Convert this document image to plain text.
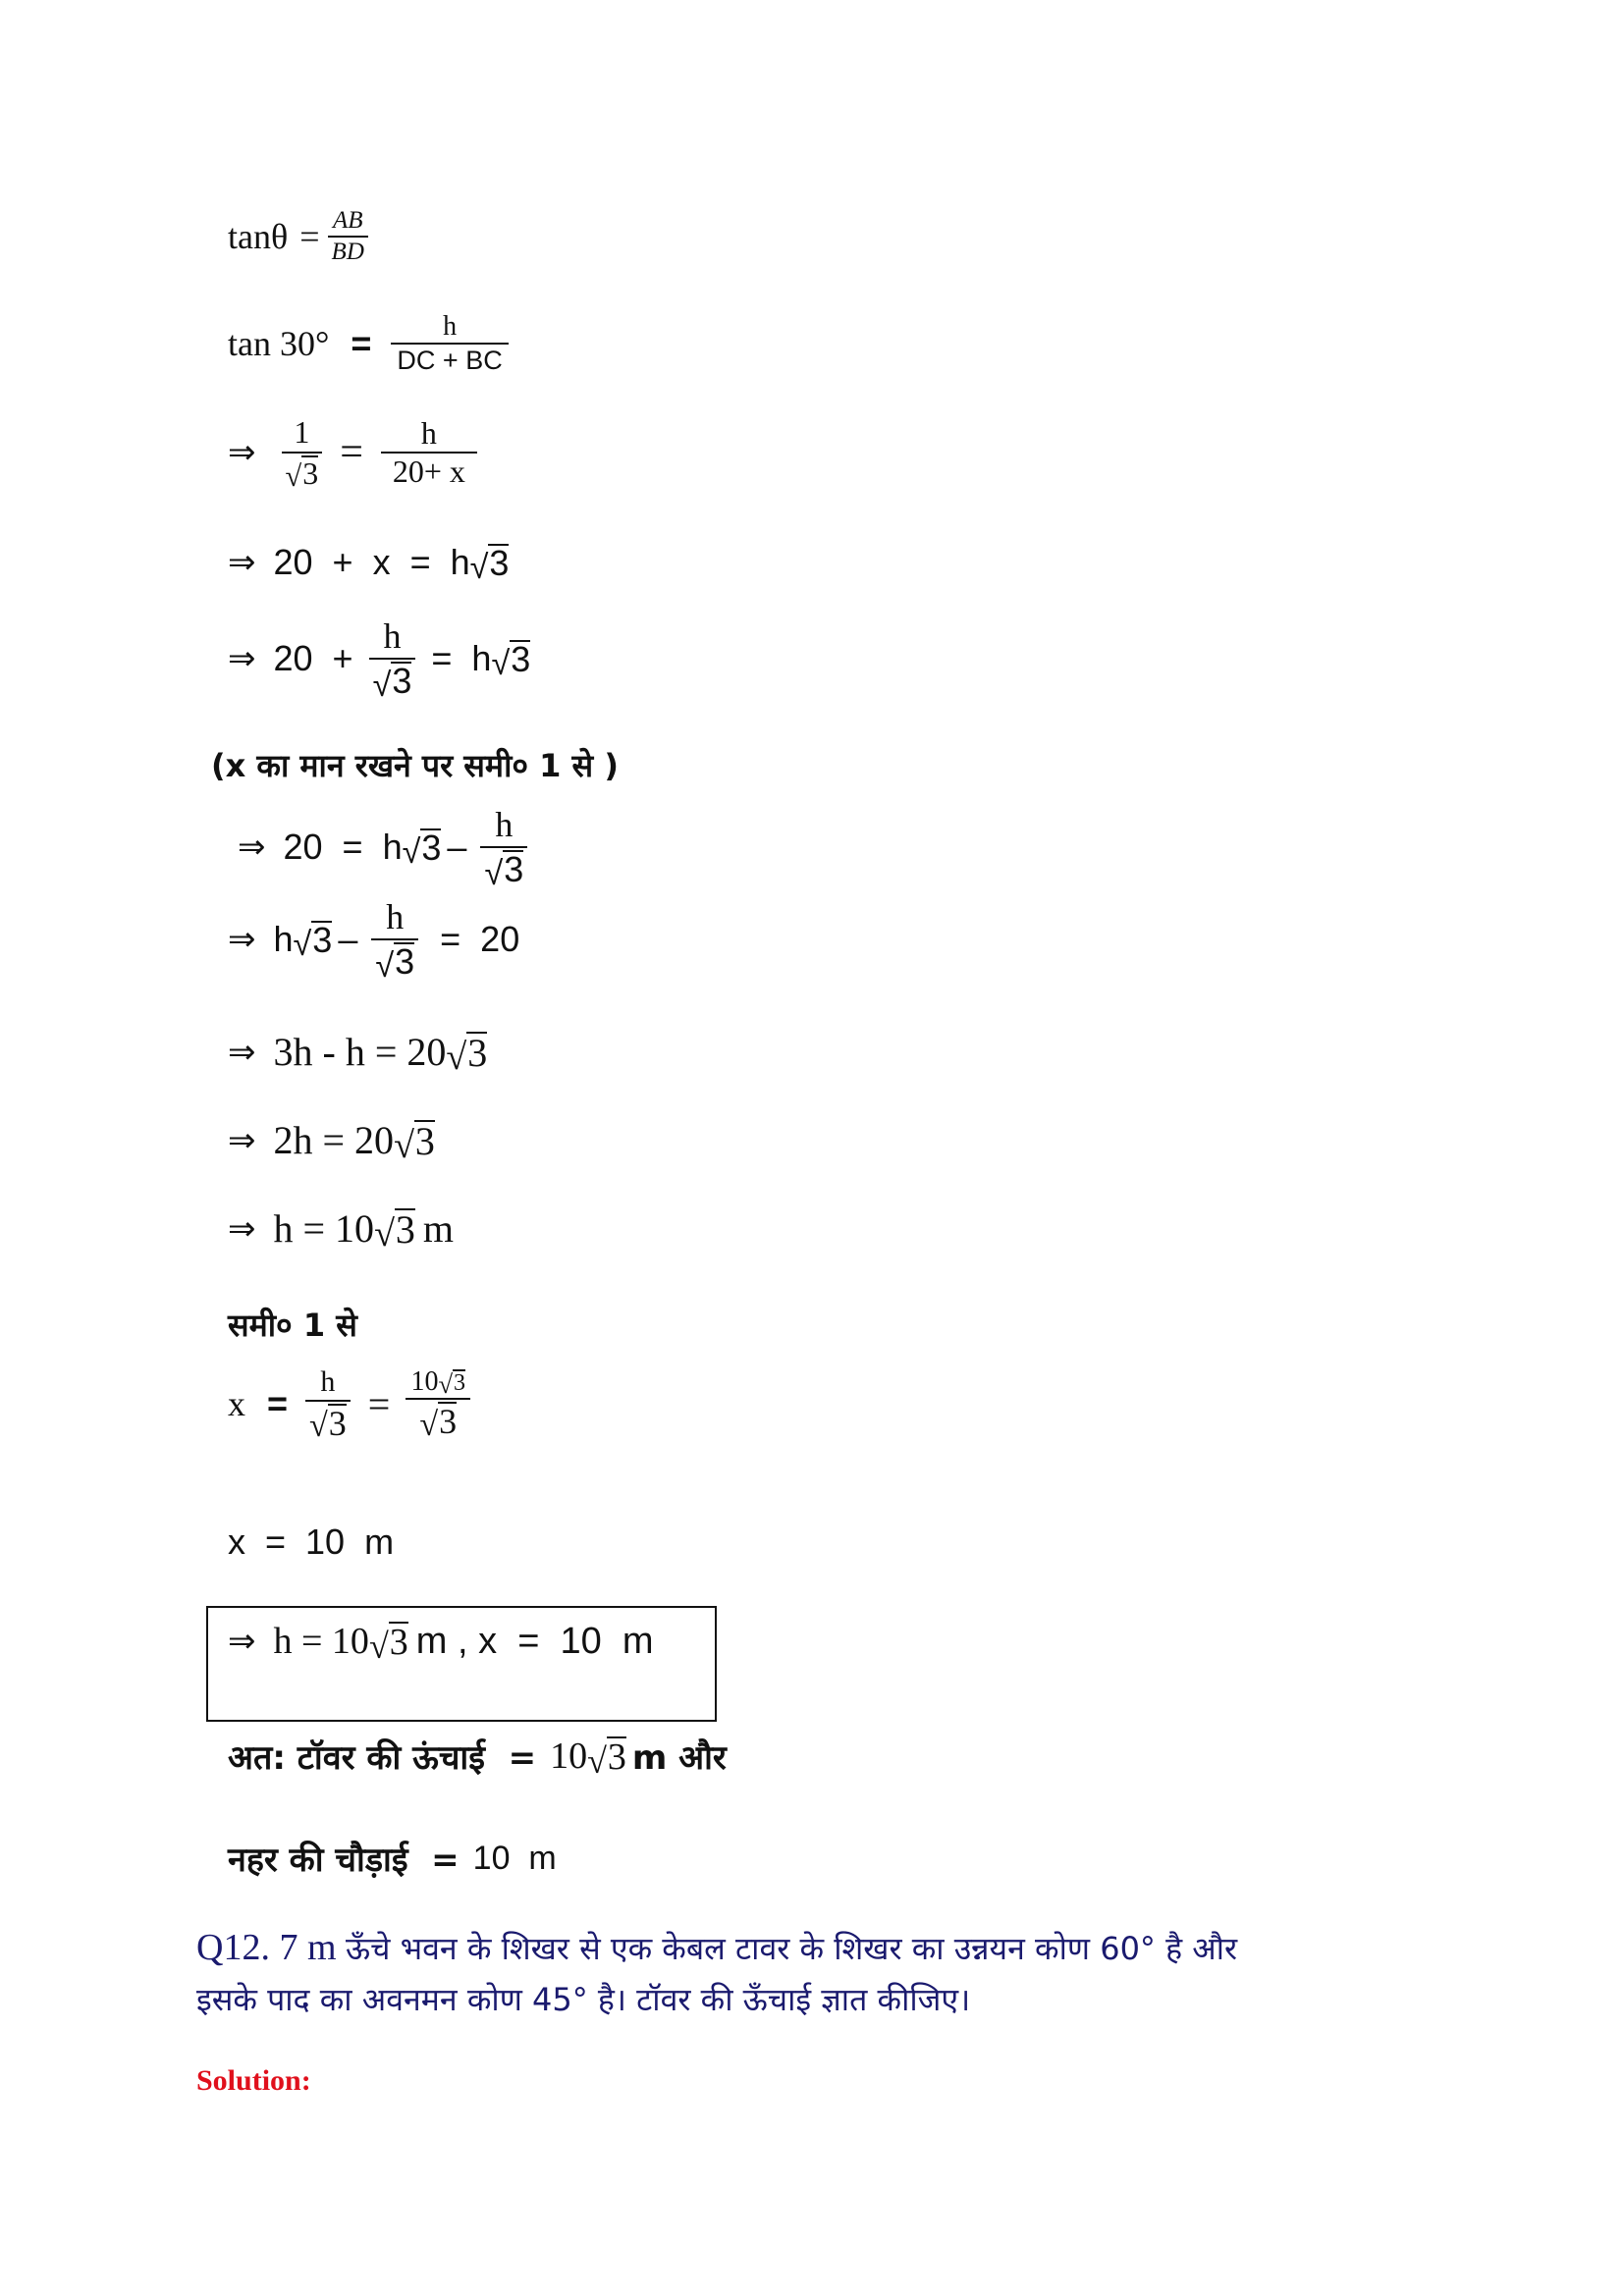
$\tan\theta = \frac{AB}{BD}$
$\tan 30^\circ = \frac{h}{DC + BC}$
⇒ $\frac{1}{√ 3} = \frac{h}{20+ x}$
⇒ 20  +  x  =  h √ 3
⇒ $20 + \frac{h}{√ 3} = h$ √ 3
(x का मान रखने पर समी० 1 से )
⇒ 20  =  h √ $3 - \frac{h}{√ 3}$
⇒ h √ $3 - \frac{h}{√ 3} = 20$
⇒ 3h - h = 20 √ 3
⇒ 2h = 20 √ 3
⇒ h = 10 √ 3 m
समी० 1 से
$x = \frac{h}{√ 3} = \frac{10 √ 3}{√ 3}$
x  =  10  m
⇒ h = 10 √ 3 m , x  =  10  m
अत: टॉवर की ऊंचाई  = 10 √ 3 m और
नहर की चौड़ाई  = 10  m
Q12. 7 m ऊँचे भवन के शिखर से एक केबल टावर के शिखर का उन्नयन कोण 60° है और
इसके पाद का अवनमन कोण 45° है। टॉवर की ऊँचाई ज्ञात कीजिए।
Solution:
